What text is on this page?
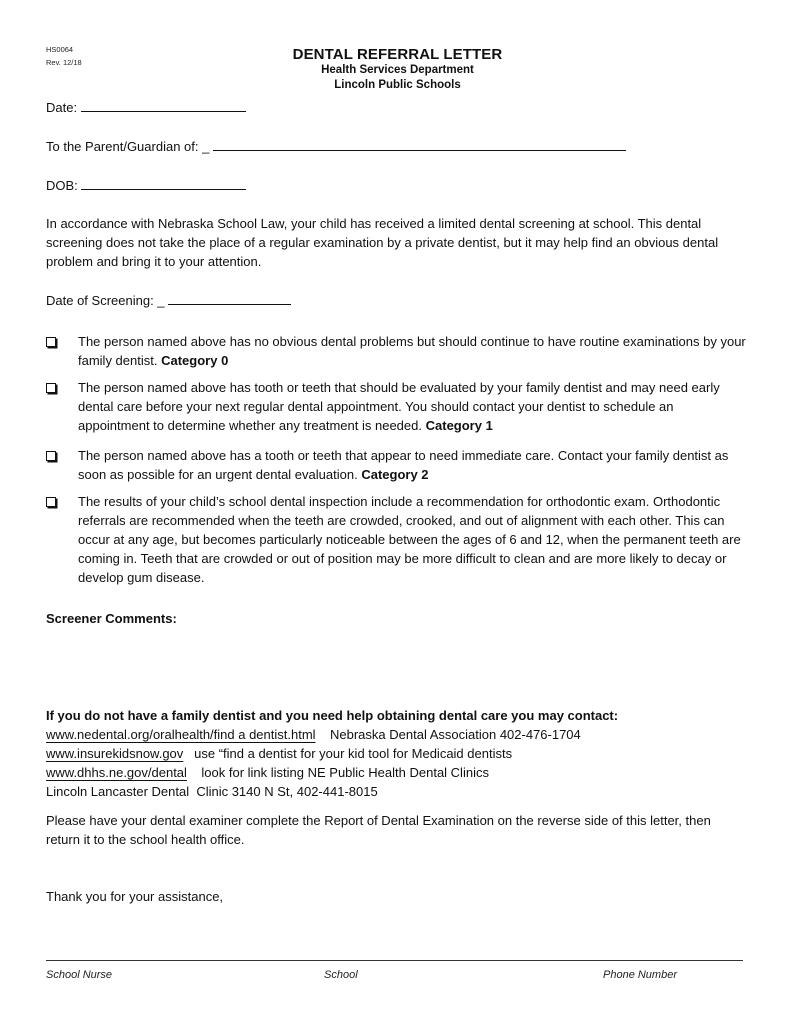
HS0064
Rev. 12/18	DENTAL REFERRAL LETTER
Health Services Department
Lincoln Public Schools
Date:
To the Parent/Guardian of: _
DOB:
In accordance with Nebraska School Law, your child has received a limited dental screening at school. This dental screening does not take the place of a regular examination by a private dentist, but it may help find an obvious dental problem and bring it to your attention.
Date of Screening: _
The person named above has no obvious dental problems but should continue to have routine examinations by your family dentist. Category 0
The person named above has tooth or teeth that should be evaluated by your family dentist and may need early dental care before your next regular dental appointment. You should contact your dentist to schedule an appointment to determine whether any treatment is needed. Category 1
The person named above has a tooth or teeth that appear to need immediate care. Contact your family dentist as soon as possible for an urgent dental evaluation. Category 2
The results of your child’s school dental inspection include a recommendation for orthodontic exam. Orthodontic referrals are recommended when the teeth are crowded, crooked, and out of alignment with each other. This can occur at any age, but becomes particularly noticeable between the ages of 6 and 12, when the permanent teeth are coming in. Teeth that are crowded or out of position may be more difficult to clean and are more likely to decay or develop gum disease.
Screener Comments:
If you do not have a family dentist and you need help obtaining dental care you may contact:
www.nedental.org/oralhealth/find a dentist.html Nebraska Dental Association 402-476-1704
www.insurekidsnow.gov use “find a dentist for your kid tool for Medicaid dentists
www.dhhs.ne.gov/dental look for link listing NE Public Health Dental Clinics
Lincoln Lancaster Dental  Clinic 3140 N St, 402-441-8015
Please have your dental examiner complete the Report of Dental Examination on the reverse side of this letter, then return it to the school health office.
Thank you for your assistance,
School Nurse	School	Phone Number
